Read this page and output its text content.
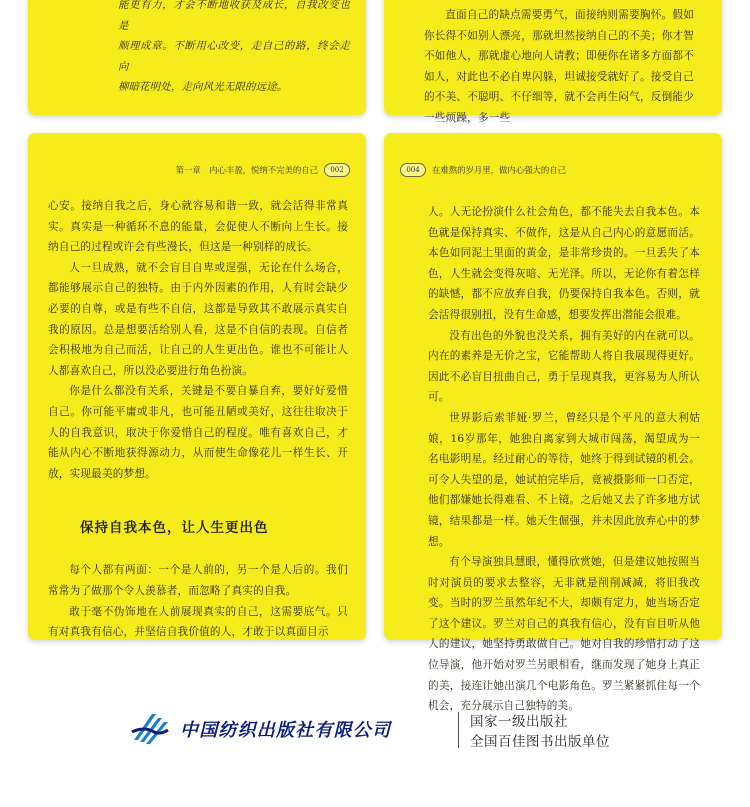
能更有力，才会不断地收获及成长，自我改变也是

顺理成章。不断用心改变，走自己的路，终会走向

柳暗花明处，走向风光无限的远途。

直面自己的缺点需要勇气，面接纳则需要胸怀。假如你长得不如别人漂亮，那就坦然接纳自己的不美；你才智不如他人，那就虚心地向人请教；即便你在诸多方面都不如人，对此也不必自卑闪躲，坦诚接受就好了。接受自己的不美、不聪明、不仔细等，就不会再生闷气，反倒能少一些烦躁，多一些

第一章　内心丰盈，悦纳不完美的自己	002

心安。接纳自我之后，身心就容易和谐一致，就会活得非常真实。真实是一种循环不息的能量，会促使人不断向上生长。接纳自己的过程或许会有些漫长，但这是一种别样的成长。

人一旦成熟，就不会盲目自卑或逞强，无论在什么场合，都能够展示自己的独特。由于内外因素的作用，人有时会缺少必要的自尊，或是有些不自信，这都是导致其不敢展示真实自我的原因。总是想要活给别人看，这是不自信的表现。自信者会积极地为自己而活，让自己的人生更出色。谁也不可能让人人都喜欢自己，所以没必要进行角色扮演。

你是什么都没有关系，关键是不要自暴自弃，要好好爱惜自己。你可能平庸或非凡，也可能丑陋或美好，这往往取决于人的自我意识，取决于你爱惜自己的程度。唯有喜欢自己，才能从内心不断地获得源动力，从而使生命像花儿一样生长、开放，实现最美的梦想。

保持自我本色，让人生更出色

每个人都有两面：一个是人前的，另一个是人后的。我们常常为了做那个令人羡慕者，而忽略了真实的自我。

敢于毫不伪饰地在人前展现真实的自己，这需要底气。只有对真我有信心，并坚信自我价值的人，才敢于以真面目示

004	在难熬的岁月里，做内心强大的自己

人。人无论扮演什么社会角色，都不能失去自我本色。本色就是保持真实、不做作，这是从自己内心的意愿而活。本色如同泥土里面的黄金，是非常珍贵的。一旦丢失了本色，人生就会变得灰暗、无光泽。所以，无论你有着怎样的缺憾，都不应放弃自我，仍要保持自我本色。否则，就会活得很别扭，没有生命感，想要发挥出潜能会很难。

没有出色的外貌也没关系，拥有美好的内在就可以。内在的素养是无价之宝，它能帮助人将自我展现得更好。因此不必盲目扭曲自己，勇于呈现真我，更容易为人所认可。

世界影后索菲娅·罗兰，曾经只是个平凡的意大利姑娘，16岁那年，她独自离家到大城市闯荡，渴望成为一名电影明星。经过耐心的等待，她终于得到试镜的机会。可令人失望的是，她试拍完毕后，竟被摄影师一口否定，他们都嫌她长得难看、不上镜。之后她又去了许多地方试镜，结果都是一样。她天生倔强，并未因此放弃心中的梦想。

有个导演独具慧眼，懂得欣赏她，但是建议她按照当时对演员的要求去整容，无非就是削削减减，将旧我改变。当时的罗兰虽然年纪不大，却颇有定力，她当场否定了这个建议。罗兰对自己的真我有信心，没有盲目听从他人的建议，她坚持勇敢做自己。她对自我的珍惜打动了这位导演，他开始对罗兰另眼相看，继而发现了她身上真正的美，接连让她出演几个电影角色。罗兰紧紧抓住每一个机会，充分展示自己独特的美。

中国纺织出版社有限公司	国家一级出版社
全国百佳图书出版单位
